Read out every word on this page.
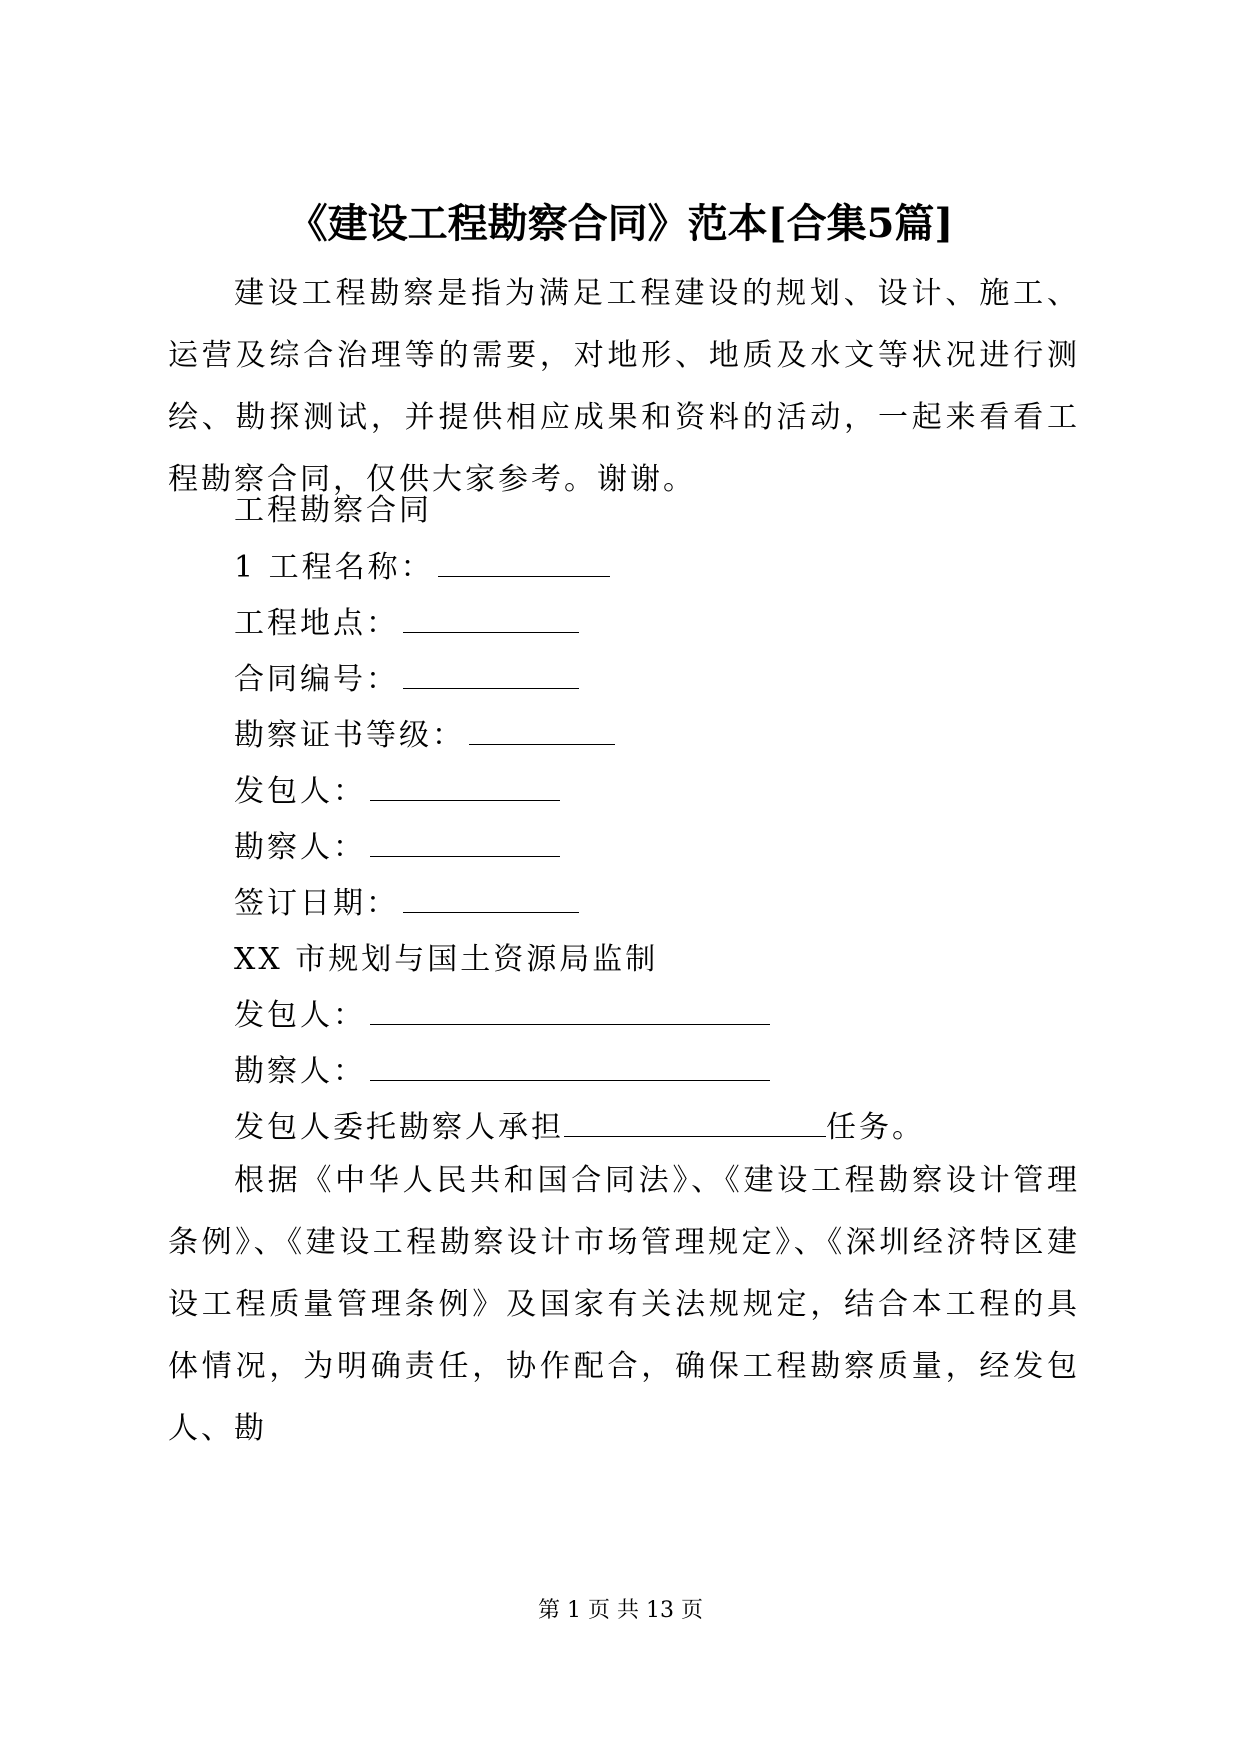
《建设工程勘察合同》范本[合集5篇]

建设工程勘察是指为满足工程建设的规划、设计、施工、运营及综合治理等的需要，对地形、地质及水文等状况进行测绘、勘探测试，并提供相应成果和资料的活动，一起来看看工程勘察合同，仅供大家参考。谢谢。

工程勘察合同
1 工程名称：
工程地点：
合同编号：
勘察证书等级：
发包人：
勘察人：
签订日期：
XX 市规划与国土资源局监制
发包人：
勘察人：
发包人委托勘察人承担	任务。

根据《中华人民共和国合同法》、《建设工程勘察设计管理条例》、《建设工程勘察设计市场管理规定》、《深圳经济特区建设工程质量管理条例》及国家有关法规规定，结合本工程的具体情况，为明确责任，协作配合，确保工程勘察质量，经发包人、勘

第 1 页 共 13 页
